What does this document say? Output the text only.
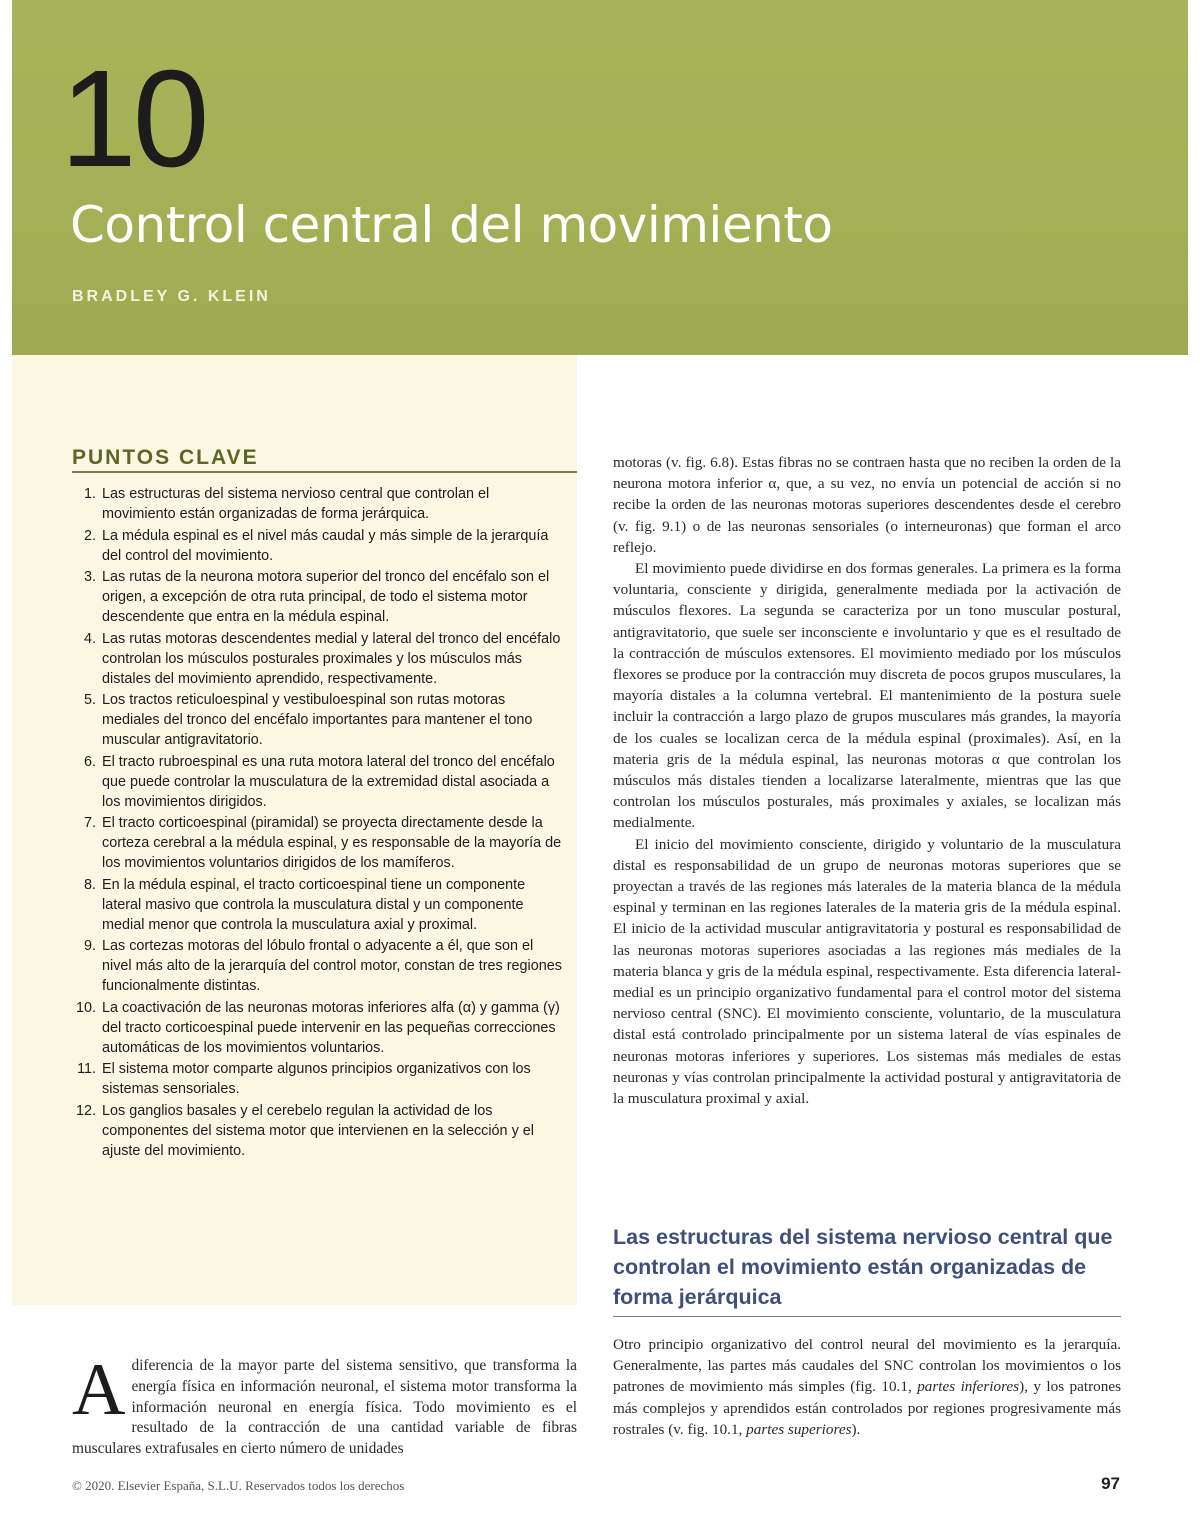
10
Control central del movimiento
BRADLEY G. KLEIN
PUNTOS CLAVE
1. Las estructuras del sistema nervioso central que controlan el movimiento están organizadas de forma jerárquica.
2. La médula espinal es el nivel más caudal y más simple de la jerarquía del control del movimiento.
3. Las rutas de la neurona motora superior del tronco del encéfalo son el origen, a excepción de otra ruta principal, de todo el sistema motor descendente que entra en la médula espinal.
4. Las rutas motoras descendentes medial y lateral del tronco del encéfalo controlan los músculos posturales proximales y los músculos más distales del movimiento aprendido, respectivamente.
5. Los tractos reticuloespinal y vestibuloespinal son rutas motoras mediales del tronco del encéfalo importantes para mantener el tono muscular antigravitatorio.
6. El tracto rubroespinal es una ruta motora lateral del tronco del encéfalo que puede controlar la musculatura de la extremidad distal asociada a los movimientos dirigidos.
7. El tracto corticoespinal (piramidal) se proyecta directamente desde la corteza cerebral a la médula espinal, y es responsable de la mayoría de los movimientos voluntarios dirigidos de los mamíferos.
8. En la médula espinal, el tracto corticoespinal tiene un componente lateral masivo que controla la musculatura distal y un componente medial menor que controla la musculatura axial y proximal.
9. Las cortezas motoras del lóbulo frontal o adyacente a él, que son el nivel más alto de la jerarquía del control motor, constan de tres regiones funcionalmente distintas.
10. La coactivación de las neuronas motoras inferiores alfa (α) y gamma (γ) del tracto corticoespinal puede intervenir en las pequeñas correcciones automáticas de los movimientos voluntarios.
11. El sistema motor comparte algunos principios organizativos con los sistemas sensoriales.
12. Los ganglios basales y el cerebelo regulan la actividad de los componentes del sistema motor que intervienen en la selección y el ajuste del movimiento.
Adiferencia de la mayor parte del sistema sensitivo, que transforma la energía física en información neuronal, el sistema motor transforma la información neuronal en energía física. Todo movimiento es el resultado de la contracción de una cantidad variable de fibras musculares extrafusales en cierto número de unidades

motoras (v. fig. 6.8). Estas fibras no se contraen hasta que no reciben la orden de la neurona motora inferior α, que, a su vez, no envía un potencial de acción si no recibe la orden de las neuronas motoras superiores descendentes desde el cerebro (v. fig. 9.1) o de las neuronas sensoriales (o interneuronas) que forman el arco reflejo.

El movimiento puede dividirse en dos formas generales. La primera es la forma voluntaria, consciente y dirigida, generalmente mediada por la activación de músculos flexores. La segunda se caracteriza por un tono muscular postural, antigravitatorio, que suele ser inconsciente e involuntario y que es el resultado de la contracción de músculos extensores. El movimiento mediado por los músculos flexores se produce por la contracción muy discreta de pocos grupos musculares, la mayoría distales a la columna vertebral. El mantenimiento de la postura suele incluir la contracción a largo plazo de grupos musculares más grandes, la mayoría de los cuales se localizan cerca de la médula espinal (proximales). Así, en la materia gris de la médula espinal, las neuronas motoras α que controlan los músculos más distales tienden a localizarse lateralmente, mientras que las que controlan los músculos posturales, más proximales y axiales, se localizan más medialmente.

El inicio del movimiento consciente, dirigido y voluntario de la musculatura distal es responsabilidad de un grupo de neuronas motoras superiores que se proyectan a través de las regiones más laterales de la materia blanca de la médula espinal y terminan en las regiones laterales de la materia gris de la médula espinal. El inicio de la actividad muscular antigravitatoria y postural es responsabilidad de las neuronas motoras superiores asociadas a las regiones más mediales de la materia blanca y gris de la médula espinal, respectivamente. Esta diferencia lateral-medial es un principio organizativo fundamental para el control motor del sistema nervioso central (SNC). El movimiento consciente, voluntario, de la musculatura distal está controlado principalmente por un sistema lateral de vías espinales de neuronas motoras inferiores y superiores. Los sistemas más mediales de estas neuronas y vías controlan principalmente la actividad postural y antigravitatoria de la musculatura proximal y axial.

Las estructuras del sistema nervioso central que controlan el movimiento están organizadas de forma jerárquica
Otro principio organizativo del control neural del movimiento es la jerarquía. Generalmente, las partes más caudales del SNC controlan los movimientos o los patrones de movimiento más simples (fig. 10.1, partes inferiores), y los patrones más complejos y aprendidos están controlados por regiones progresivamente más rostrales (v. fig. 10.1, partes superiores).
© 2020. Elsevier España, S.L.U. Reservados todos los derechos	97
